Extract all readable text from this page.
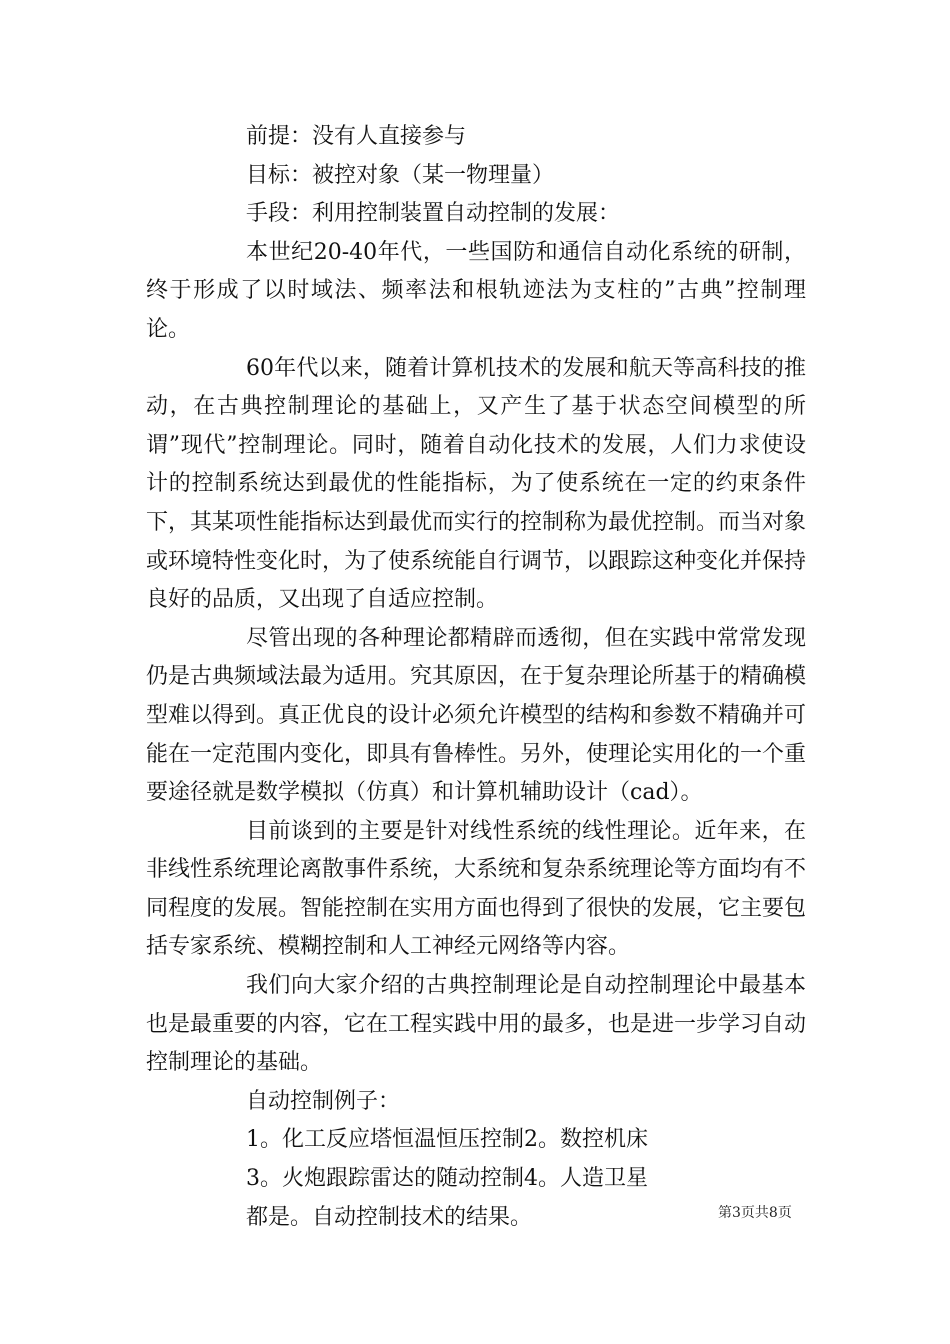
前提：没有人直接参与

目标：被控对象（某一物理量）

手段：利用控制装置自动控制的发展：

本世纪20-40年代，一些国防和通信自动化系统的研制，终于形成了以时域法、频率法和根轨迹法为支柱的”古典”控制理论。

60年代以来，随着计算机技术的发展和航天等高科技的推动，在古典控制理论的基础上，又产生了基于状态空间模型的所谓”现代”控制理论。同时，随着自动化技术的发展，人们力求使设计的控制系统达到最优的性能指标，为了使系统在一定的约束条件下，其某项性能指标达到最优而实行的控制称为最优控制。而当对象或环境特性变化时，为了使系统能自行调节，以跟踪这种变化并保持良好的品质，又出现了自适应控制。

尽管出现的各种理论都精辟而透彻，但在实践中常常发现仍是古典频域法最为适用。究其原因，在于复杂理论所基于的精确模型难以得到。真正优良的设计必须允许模型的结构和参数不精确并可能在一定范围内变化，即具有鲁棒性。另外，使理论实用化的一个重要途径就是数学模拟（仿真）和计算机辅助设计（cad）。

目前谈到的主要是针对线性系统的线性理论。近年来，在非线性系统理论离散事件系统，大系统和复杂系统理论等方面均有不同程度的发展。智能控制在实用方面也得到了很快的发展，它主要包括专家系统、模糊控制和人工神经元网络等内容。

我们向大家介绍的古典控制理论是自动控制理论中最基本也是最重要的内容，它在工程实践中用的最多，也是进一步学习自动控制理论的基础。

自动控制例子：

1。化工反应塔恒温恒压控制2。数控机床

3。火炮跟踪雷达的随动控制4。人造卫星

都是。自动控制技术的结果。	第3页共8页
